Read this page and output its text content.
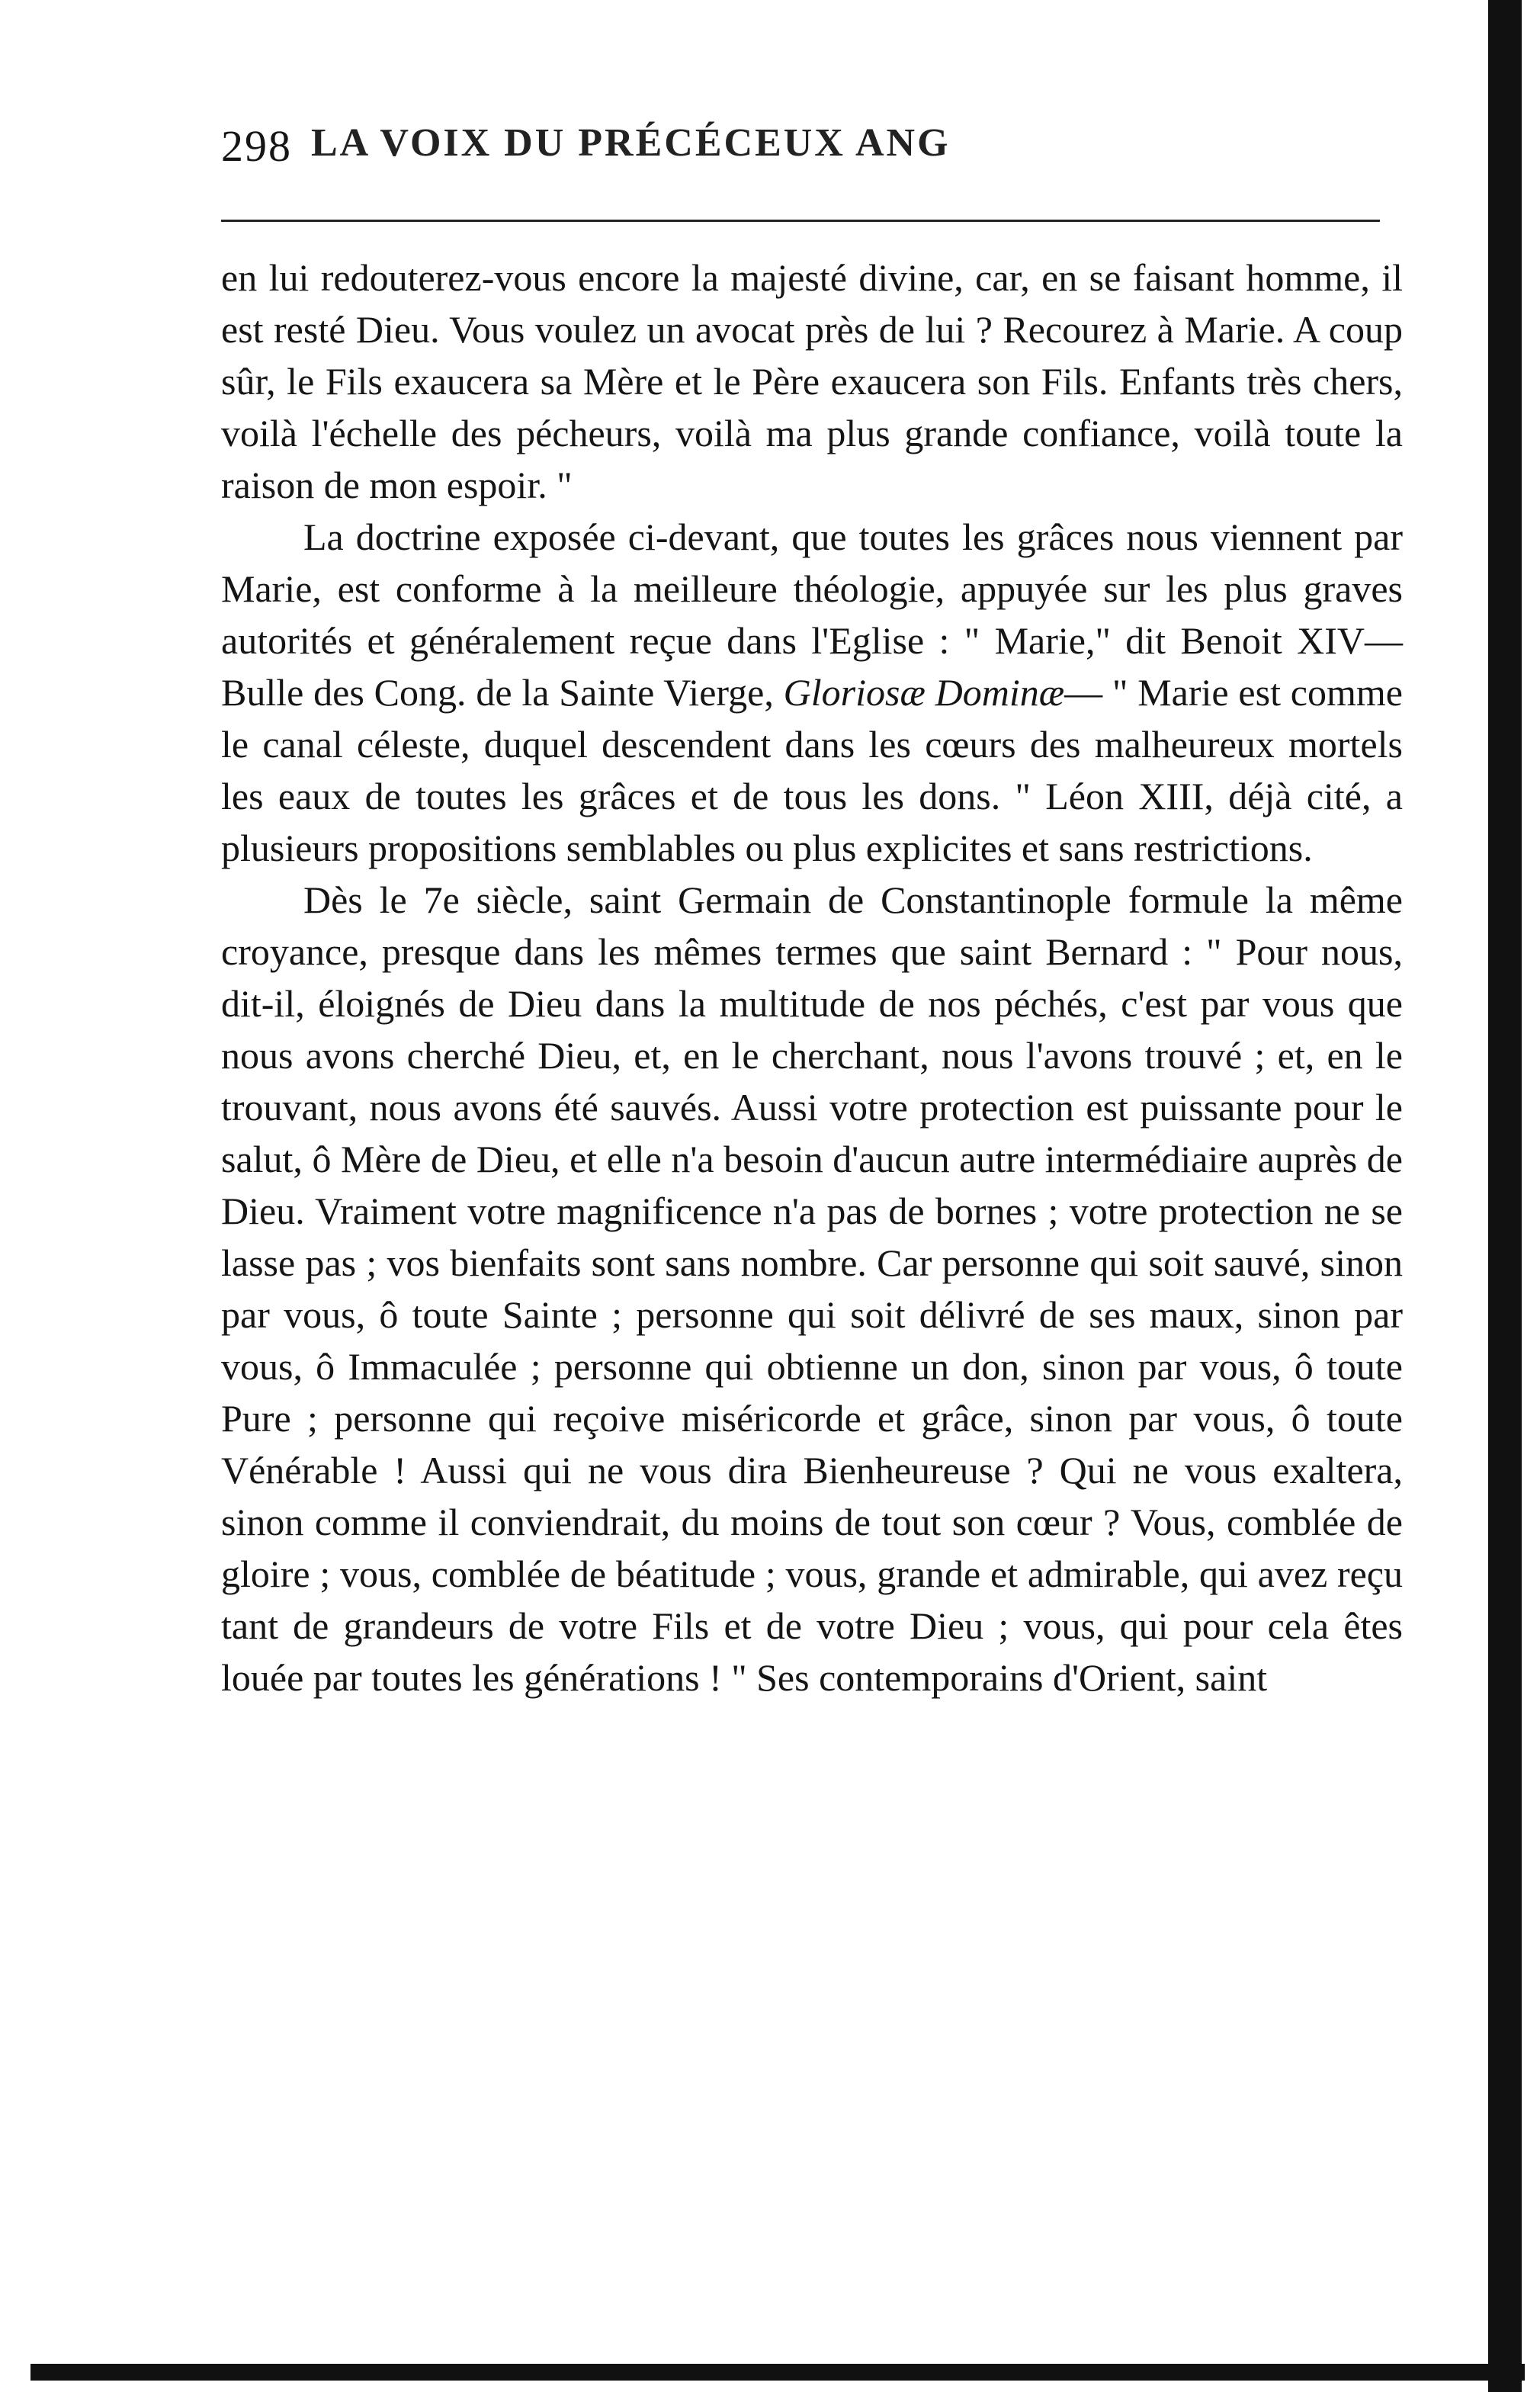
298 LA VOIX DU PRÉCÉCEUX ANG

en lui redouterez-vous encore la majesté divine, car, en se faisant homme, il est resté Dieu. Vous voulez un avocat près de lui ? Recourez à Marie. A coup sûr, le Fils exaucera sa Mère et le Père exaucera son Fils. Enfants très chers, voilà l'échelle des pécheurs, voilà ma plus grande confiance, voilà toute la raison de mon espoir. "

La doctrine exposée ci-devant, que toutes les grâces nous viennent par Marie, est conforme à la meilleure théologie, appuyée sur les plus graves autorités et généralement reçue dans l'Eglise : " Marie," dit Benoit XIV—Bulle des Cong. de la Sainte Vierge, Gloriosæ Dominæ— " Marie est comme le canal céleste, duquel descendent dans les cœurs des malheureux mortels les eaux de toutes les grâces et de tous les dons. " Léon XIII, déjà cité, a plusieurs propositions semblables ou plus explicites et sans restrictions.

Dès le 7e siècle, saint Germain de Constantinople formule la même croyance, presque dans les mêmes termes que saint Bernard : " Pour nous, dit-il, éloignés de Dieu dans la multitude de nos péchés, c'est par vous que nous avons cherché Dieu, et, en le cherchant, nous l'avons trouvé ; et, en le trouvant, nous avons été sauvés. Aussi votre protection est puissante pour le salut, ô Mère de Dieu, et elle n'a besoin d'aucun autre intermédiaire auprès de Dieu. Vraiment votre magnificence n'a pas de bornes ; votre protection ne se lasse pas ; vos bienfaits sont sans nombre. Car personne qui soit sauvé, sinon par vous, ô toute Sainte ; personne qui soit délivré de ses maux, sinon par vous, ô Immaculée ; personne qui obtienne un don, sinon par vous, ô toute Pure ; personne qui reçoive miséricorde et grâce, sinon par vous, ô toute Vénérable ! Aussi qui ne vous dira Bienheureuse ? Qui ne vous exaltera, sinon comme il conviendrait, du moins de tout son cœur ? Vous, comblée de gloire ; vous, comblée de béatitude ; vous, grande et admirable, qui avez reçu tant de grandeurs de votre Fils et de votre Dieu ; vous, qui pour cela êtes louée par toutes les générations ! " Ses contemporains d'Orient, saint
